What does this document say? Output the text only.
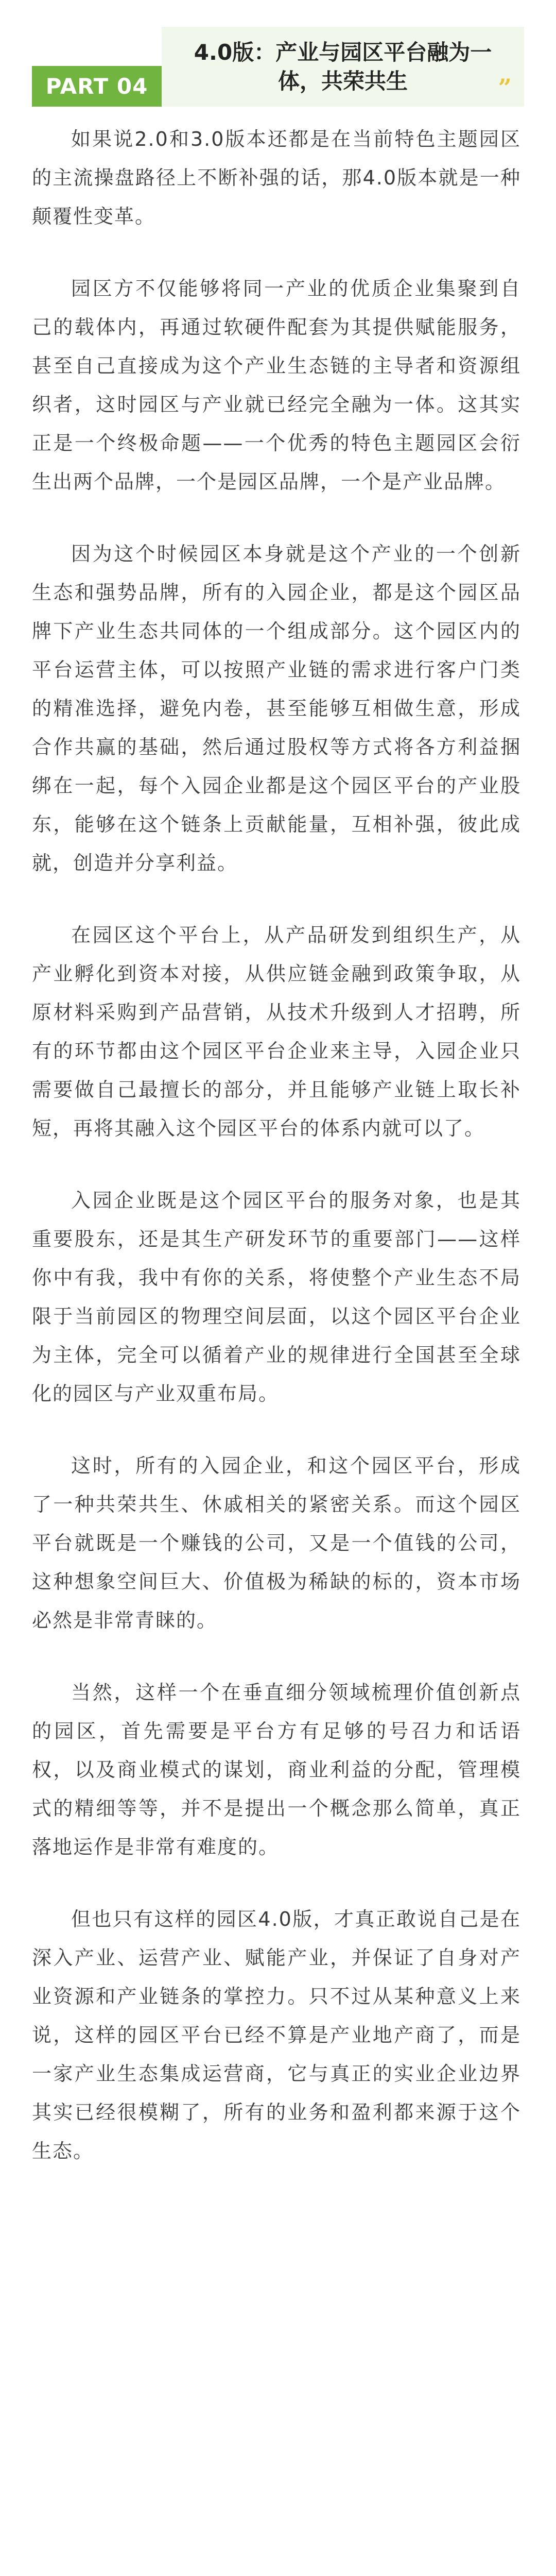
4.0版：产业与园区平台融为一
体，共荣共生	”
PART 04

如果说2.0和3.0版本还都是在当前特色主题园区的主流操盘路径上不断补强的话，那4.0版本就是一种颠覆性变革。

园区方不仅能够将同一产业的优质企业集聚到自己的载体内，再通过软硬件配套为其提供赋能服务，甚至自己直接成为这个产业生态链的主导者和资源组织者，这时园区与产业就已经完全融为一体。这其实正是一个终极命题——一个优秀的特色主题园区会衍生出两个品牌，一个是园区品牌，一个是产业品牌。

因为这个时候园区本身就是这个产业的一个创新生态和强势品牌，所有的入园企业，都是这个园区品牌下产业生态共同体的一个组成部分。这个园区内的平台运营主体，可以按照产业链的需求进行客户门类的精准选择，避免内卷，甚至能够互相做生意，形成合作共赢的基础，然后通过股权等方式将各方利益捆绑在一起，每个入园企业都是这个园区平台的产业股东，能够在这个链条上贡献能量，互相补强，彼此成就，创造并分享利益。

在园区这个平台上，从产品研发到组织生产，从产业孵化到资本对接，从供应链金融到政策争取，从原材料采购到产品营销，从技术升级到人才招聘，所有的环节都由这个园区平台企业来主导，入园企业只需要做自己最擅长的部分，并且能够产业链上取长补短，再将其融入这个园区平台的体系内就可以了。

入园企业既是这个园区平台的服务对象，也是其重要股东，还是其生产研发环节的重要部门——这样你中有我，我中有你的关系，将使整个产业生态不局限于当前园区的物理空间层面，以这个园区平台企业为主体，完全可以循着产业的规律进行全国甚至全球化的园区与产业双重布局。

这时，所有的入园企业，和这个园区平台，形成了一种共荣共生、休戚相关的紧密关系。而这个园区平台就既是一个赚钱的公司，又是一个值钱的公司，这种想象空间巨大、价值极为稀缺的标的，资本市场必然是非常青睐的。

当然，这样一个在垂直细分领域梳理价值创新点的园区，首先需要是平台方有足够的号召力和话语权，以及商业模式的谋划，商业利益的分配，管理模式的精细等等，并不是提出一个概念那么简单，真正落地运作是非常有难度的。

但也只有这样的园区4.0版，才真正敢说自己是在深入产业、运营产业、赋能产业，并保证了自身对产业资源和产业链条的掌控力。只不过从某种意义上来说，这样的园区平台已经不算是产业地产商了，而是一家产业生态集成运营商，它与真正的实业企业边界其实已经很模糊了，所有的业务和盈利都来源于这个生态。
